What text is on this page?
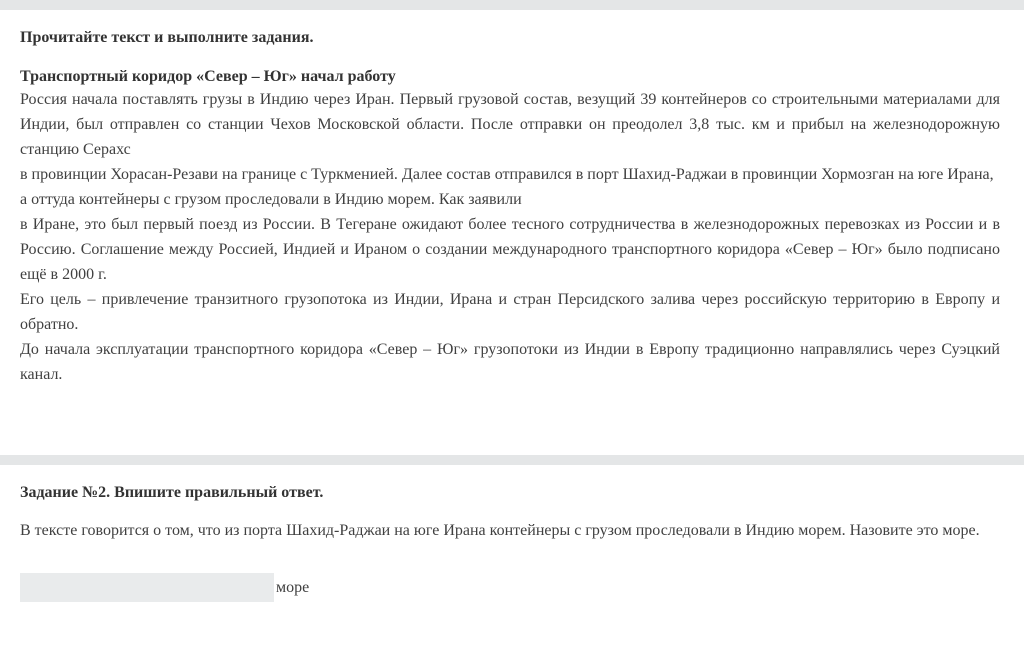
Прочитайте текст и выполните задания.
Транспортный коридор «Север – Юг» начал работу

Россия начала поставлять грузы в Индию через Иран. Первый грузовой состав, везущий 39 контейнеров со строительными материалами для Индии, был отправлен со станции Чехов Московской области. После отправки он преодолел 3,8 тыс. км и прибыл на железнодорожную станцию Серахс

в провинции Хорасан-Резави на границе с Туркменией. Далее состав отправился в порт Шахид-Раджаи в провинции Хормозган на юге Ирана,

а оттуда контейнеры с грузом проследовали в Индию морем. Как заявили

в Иране, это был первый поезд из России. В Тегеране ожидают более тесного сотрудничества в железнодорожных перевозках из России и в Россию. Соглашение между Россией, Индией и Ираном о создании международного транспортного коридора «Север – Юг» было подписано ещё в 2000 г.

Его цель – привлечение транзитного грузопотока из Индии, Ирана и стран Персидского залива через российскую территорию в Европу и обратно.

До начала эксплуатации транспортного коридора «Север – Юг» грузопотоки из Индии в Европу традиционно направлялись через Суэцкий канал.

Задание №2. Впишите правильный ответ.
В тексте говорится о том, что из порта Шахид-Раджаи на юге Ирана контейнеры с грузом проследовали в Индию морем. Назовите это море.
море
